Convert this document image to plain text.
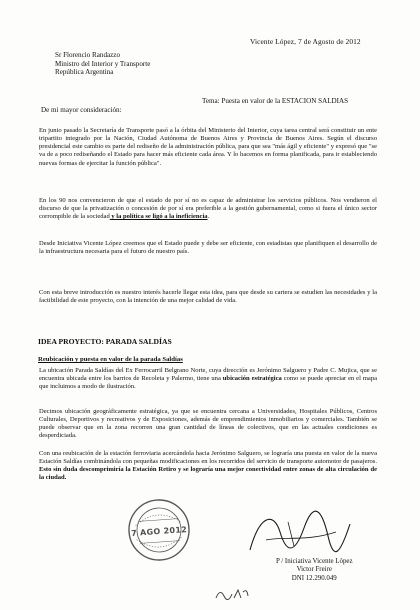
Vicente López, 7 de Agosto de 2012
Sr Florencio Randazzo
Ministro del Interior y Transporte
República Argentina
Tema: Puesta en valor de la ESTACION SALDIAS
De mi mayor consideración:

En junio pasado la Secretaría de Transporte pasó a la órbita del Ministerio del Interior, cuya tarea central será constituir un ente tripartito integrado por la Nación, Ciudad Autónoma de Buenos Aires y Provincia de Buenos Aires. Según el discurso presidencial este cambio es parte del rediseño de la administración pública, para que sea "más ágil y eficiente" y expresó que "se va de a poco rediseñando el Estado para hacer más eficiente cada área. Y lo hacemos en forma planificada, para ir estableciendo nuevas formas de ejercitar la función pública".

En los 90 nos convencieron de que el estado de por sí no es capaz de administrar los servicios públicos. Nos vendieron el discurso de que la privatización o concesión de por sí era preferible a la gestión gubernamental, como si fuera el único sector corrompible de la sociedad y la política se ligó a la ineficiencia.

Desde Iniciativa Vicente López creemos que el Estado puede y debe ser eficiente, con estadistas que planifiquen el desarrollo de la infraestructura necesaria para el futuro de nuestro país.

Con esta breve introducción es nuestro interés hacerle llegar esta idea, para que desde su cartera se estudien las necesidades y la factibilidad de este proyecto, con la intención de una mejor calidad de vida.

IDEA PROYECTO: PARADA SALDÍAS
Reubicación y puesta en valor de la parada Saldías

La ubicación Parada Saldías del Ex Ferrocarril Belgrano Norte, cuya dirección es Jerónimo Salguero y Padre C. Mujica, que se encuentra ubicada entre los barrios de Recoleta y Palermo, tiene una ubicación estratégica como se puede apreciar en el mapa que incluimos a modo de ilustración.

Decimos ubicación geográficamente estratégica, ya que se encuentra cercana a Universidades, Hospitales Públicos, Centros Culturales, Deportivos y recreativos y de Exposiciones, además de emprendimientos inmobiliarios y comerciales. También se puede observar que en la zona recorren una gran cantidad de líneas de colectivos, que en las actuales condiciones es desperdiciada.

Con una reubicación de la estación ferroviaria acercándola hacia Jerónimo Salguero, se lograría una puesta en valor de la nueva Estación Saldías combinándola con pequeñas modificaciones en los recorridos del servicio de transporte automotor de pasajeros. Esto sin duda descomprimiría la Estación Retiro y se lograría una mejor conectividad entre zonas de alta circulación de la ciudad.

7 AGO 2012
P / Iniciativa Vicente López
Victor Freire
DNI 12.290.049
